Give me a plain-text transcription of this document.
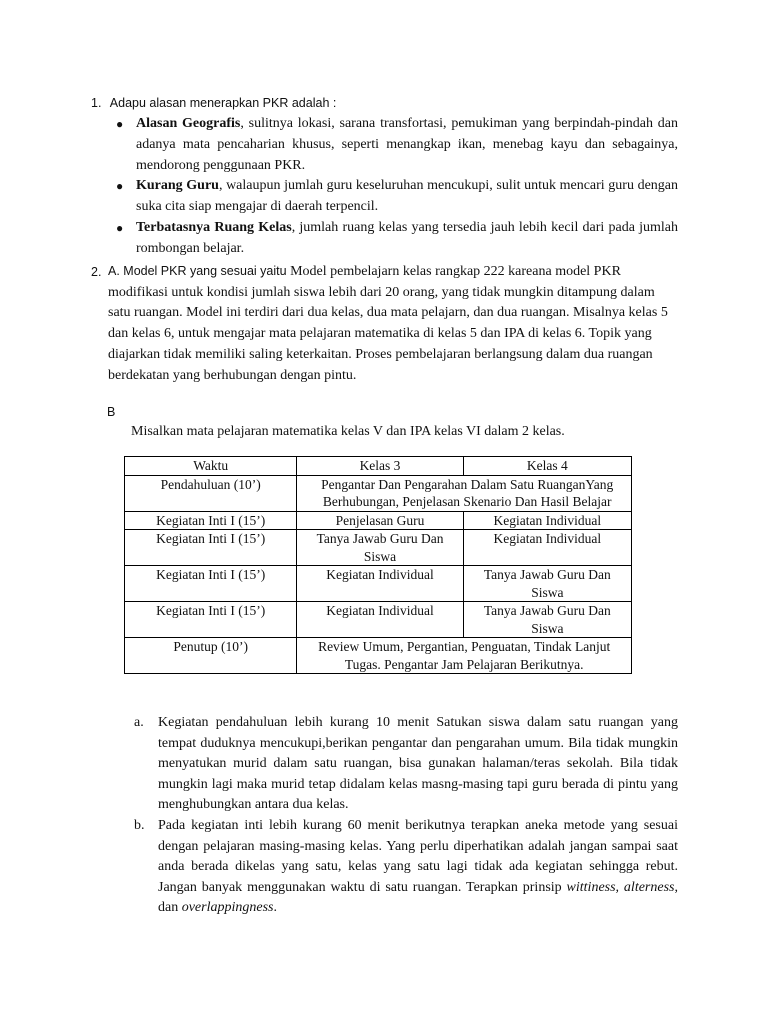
1. Adapu alasan menerapkan PKR adalah :
● Alasan Geografis, sulitnya lokasi, sarana transfortasi, pemukiman yang berpindah-pindah dan adanya mata pencaharian khusus, seperti menangkap ikan, menebag kayu dan sebagainya, mendorong penggunaan PKR.
● Kurang Guru, walaupun jumlah guru keseluruhan mencukupi, sulit untuk mencari guru dengan suka cita siap mengajar di daerah terpencil.
● Terbatasnya Ruang Kelas, jumlah ruang kelas yang tersedia jauh lebih kecil dari pada jumlah rombongan belajar.
2. A. Model PKR yang sesuai yaitu Model pembelajarn kelas rangkap 222 kareana model PKR modifikasi untuk kondisi jumlah siswa lebih dari 20 orang, yang tidak mungkin ditampung dalam satu ruangan. Model ini terdiri dari dua kelas, dua mata pelajarn, dan dua ruangan. Misalnya kelas 5 dan kelas 6, untuk mengajar mata pelajaran matematika di kelas 5 dan IPA di kelas 6. Topik yang diajarkan tidak memiliki saling keterkaitan. Proses pembelajaran berlangsung dalam dua ruangan berdekatan yang berhubungan dengan pintu.
B
Misalkan mata pelajaran matematika kelas V dan IPA kelas VI dalam 2 kelas.
Waktu	Kelas 3	Kelas 4
Pendahuluan (10’)	Pengantar Dan Pengarahan Dalam Satu RuanganYang Berhubungan, Penjelasan Skenario Dan Hasil Belajar	
Kegiatan Inti I (15’)	Penjelasan Guru	Kegiatan Individual
Kegiatan Inti I (15’)	Tanya Jawab Guru Dan Siswa	Kegiatan Individual
Kegiatan Inti I (15’)	Kegiatan Individual	Tanya Jawab Guru Dan Siswa
Kegiatan Inti I (15’)	Kegiatan Individual	Tanya Jawab Guru Dan Siswa
Penutup (10’)	Review Umum, Pergantian, Penguatan, Tindak Lanjut Tugas. Pengantar Jam Pelajaran Berikutnya.	
a. Kegiatan pendahuluan lebih kurang 10 menit Satukan siswa dalam satu ruangan yang tempat duduknya mencukupi,berikan pengantar dan pengarahan umum. Bila tidak mungkin menyatukan murid dalam satu ruangan, bisa gunakan halaman/teras sekolah. Bila tidak mungkin lagi maka murid tetap didalam kelas masng-masing tapi guru berada di pintu yang menghubungkan antara dua kelas.
b. Pada kegiatan inti lebih kurang 60 menit berikutnya terapkan aneka metode yang sesuai dengan pelajaran masing-masing kelas. Yang perlu diperhatikan adalah jangan sampai saat anda berada dikelas yang satu, kelas yang satu lagi tidak ada kegiatan sehingga rebut. Jangan banyak menggunakan waktu di satu ruangan. Terapkan prinsip wittiness, alterness, dan overlappingness.
